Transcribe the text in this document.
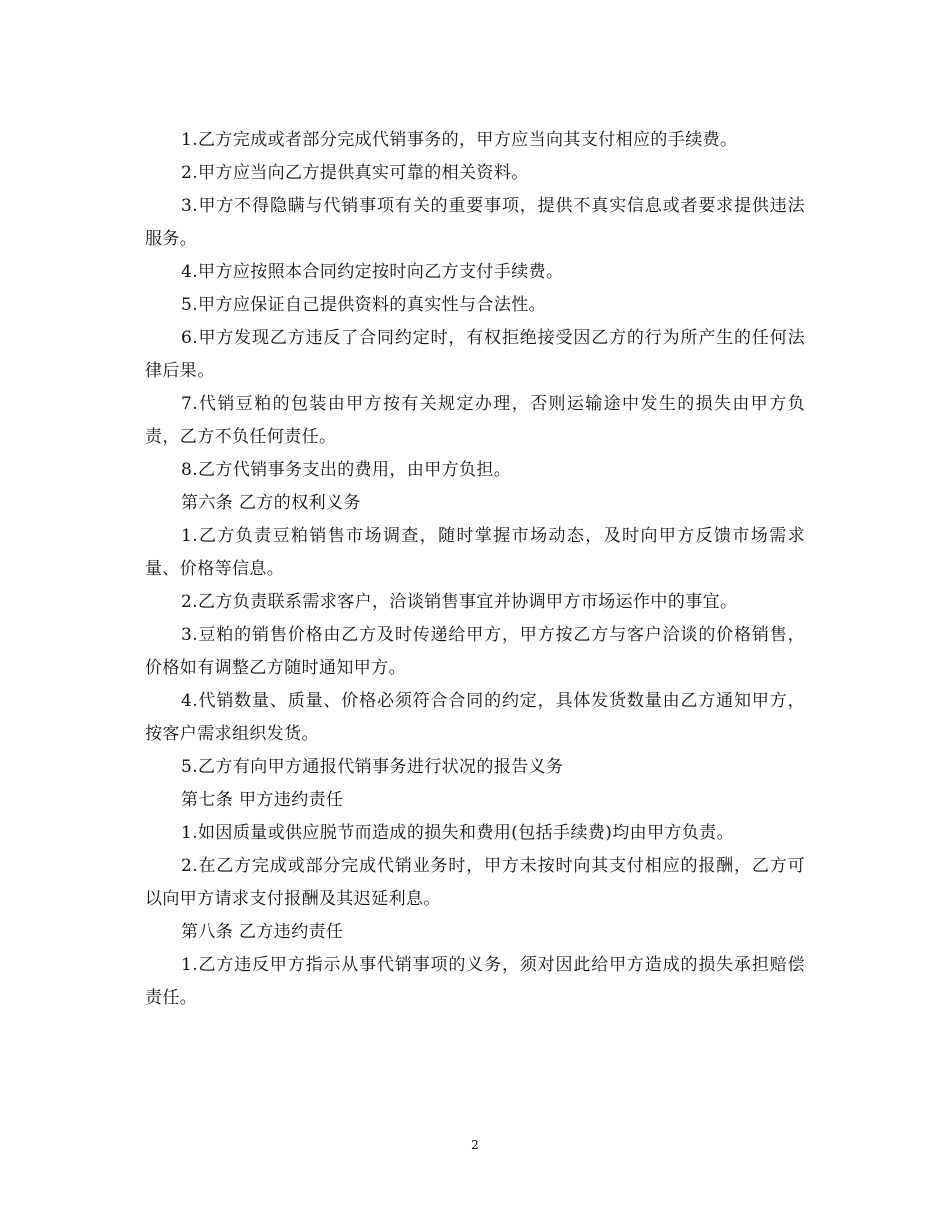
1.乙方完成或者部分完成代销事务的，甲方应当向其支付相应的手续费。

2.甲方应当向乙方提供真实可靠的相关资料。

3.甲方不得隐瞒与代销事项有关的重要事项，提供不真实信息或者要求提供违法服务。

4.甲方应按照本合同约定按时向乙方支付手续费。

5.甲方应保证自己提供资料的真实性与合法性。

6.甲方发现乙方违反了合同约定时，有权拒绝接受因乙方的行为所产生的任何法律后果。

7.代销豆粕的包装由甲方按有关规定办理，否则运输途中发生的损失由甲方负责，乙方不负任何责任。

8.乙方代销事务支出的费用，由甲方负担。

第六条 乙方的权利义务

1.乙方负责豆粕销售市场调查，随时掌握市场动态，及时向甲方反馈市场需求量、价格等信息。

2.乙方负责联系需求客户，洽谈销售事宜并协调甲方市场运作中的事宜。

3.豆粕的销售价格由乙方及时传递给甲方，甲方按乙方与客户洽谈的价格销售，价格如有调整乙方随时通知甲方。

4.代销数量、质量、价格必须符合合同的约定，具体发货数量由乙方通知甲方，按客户需求组织发货。

5.乙方有向甲方通报代销事务进行状况的报告义务

第七条 甲方违约责任

1.如因质量或供应脱节而造成的损失和费用(包括手续费)均由甲方负责。

2.在乙方完成或部分完成代销业务时，甲方未按时向其支付相应的报酬，乙方可以向甲方请求支付报酬及其迟延利息。

第八条 乙方违约责任

1.乙方违反甲方指示从事代销事项的义务，须对因此给甲方造成的损失承担赔偿责任。

2
